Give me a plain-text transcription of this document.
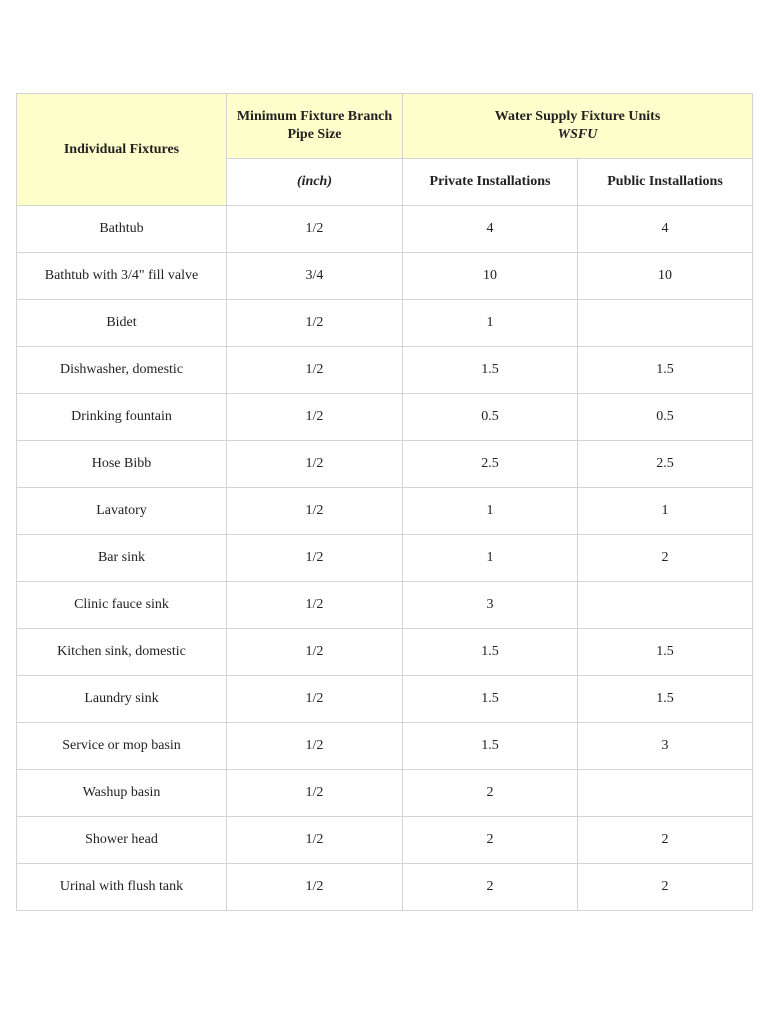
Individual Fixtures	Minimum Fixture Branch Pipe Size	Water Supply Fixture Units
WSFU	

	(inch)	Private Installations	Public Installations
Bathtub	1/2	4	4
Bathtub with 3/4" fill valve	3/4	10	10
Bidet	1/2	1	
Dishwasher, domestic	1/2	1.5	1.5
Drinking fountain	1/2	0.5	0.5
Hose Bibb	1/2	2.5	2.5
Lavatory	1/2	1	1
Bar sink	1/2	1	2
Clinic fauce sink	1/2	3	
Kitchen sink, domestic	1/2	1.5	1.5
Laundry sink	1/2	1.5	1.5
Service or mop basin	1/2	1.5	3
Washup basin	1/2	2	
Shower head	1/2	2	2
Urinal with flush tank	1/2	2	2
